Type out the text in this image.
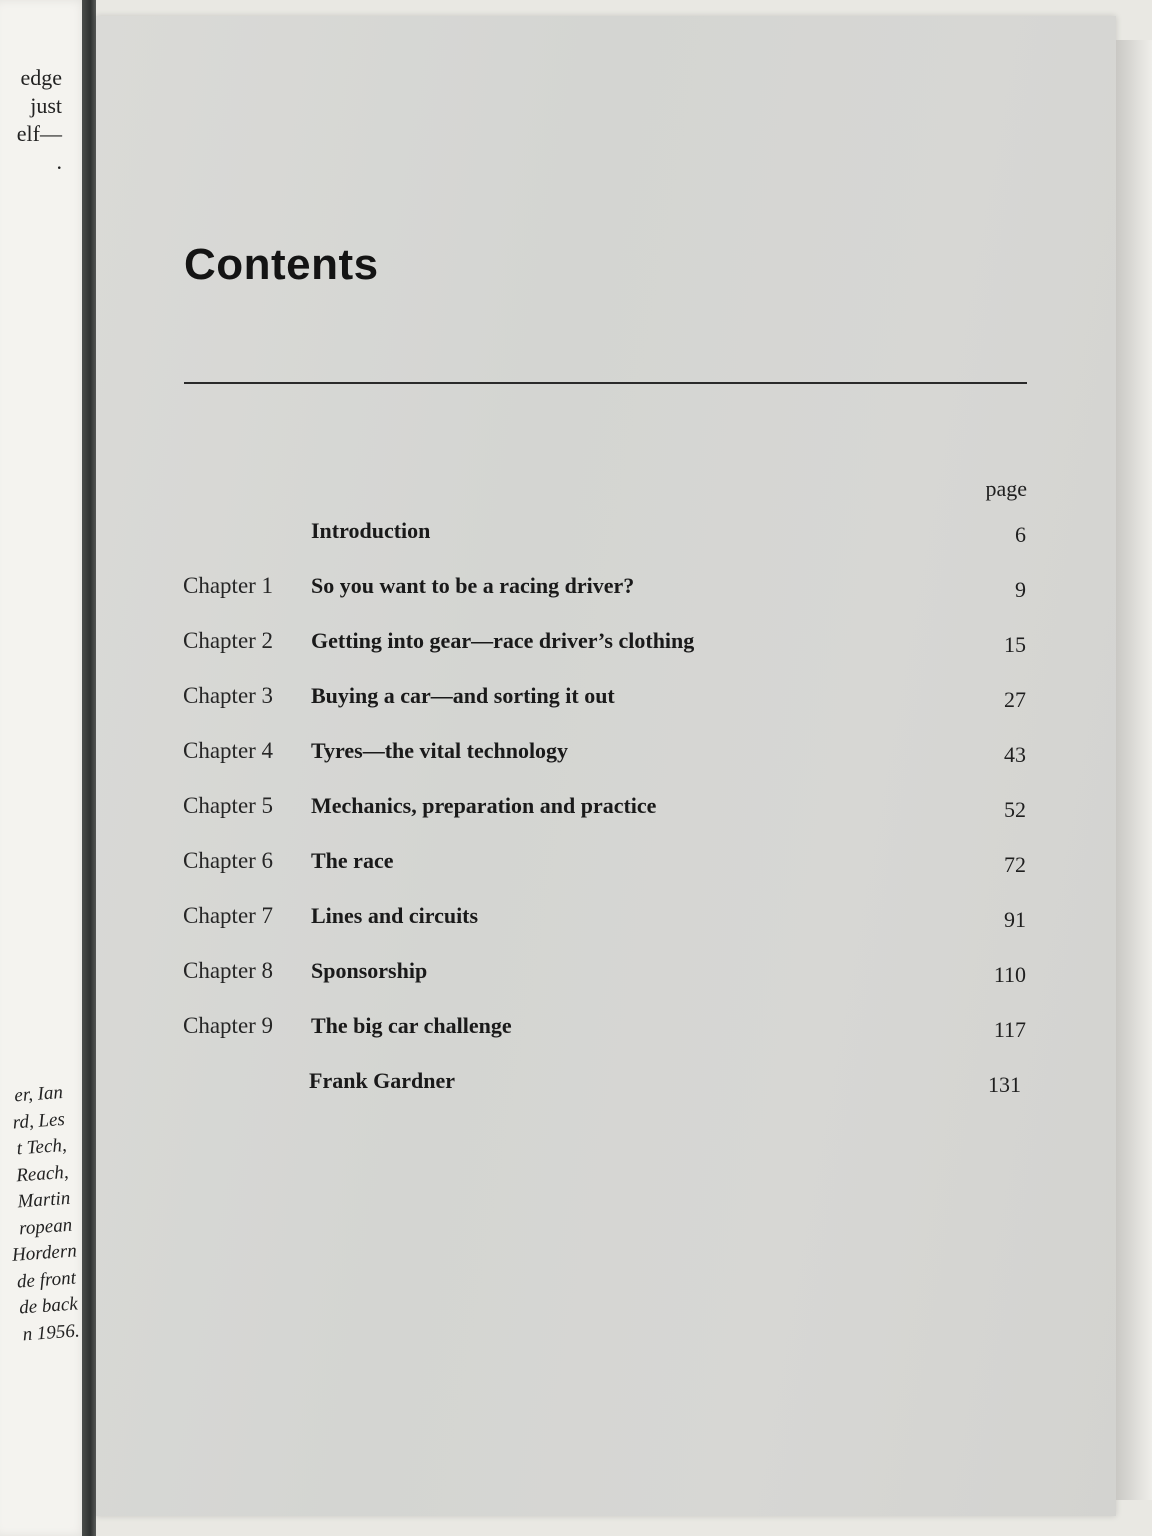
edge
just
elf—
.
er, Ian
rd, Les
t Tech,
Reach,
Martin
ropean
Hordern
de front
de back
n 1956.
Contents
page
Introduction	6
Chapter 1 So you want to be a racing driver?	9
Chapter 2 Getting into gear—race driver’s clothing	15
Chapter 3 Buying a car—and sorting it out	27
Chapter 4 Tyres—the vital technology	43
Chapter 5 Mechanics, preparation and practice	52
Chapter 6 The race	72
Chapter 7 Lines and circuits	91
Chapter 8 Sponsorship	110
Chapter 9 The big car challenge	117
Frank Gardner	131
